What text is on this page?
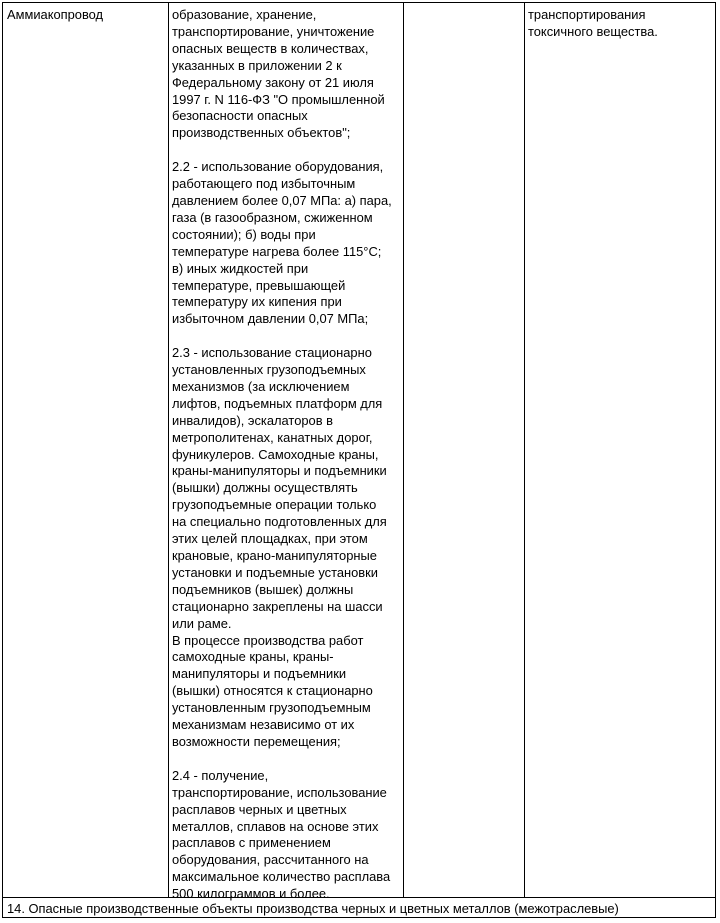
Аммиакопровод	образование, хранение,
транспортирование, уничтожение
опасных веществ в количествах,
указанных в приложении 2 к
Федеральному закону от 21 июля
1997 г. N 116-ФЗ "О промышленной
безопасности опасных
производственных объектов";

2.2 - использование оборудования,
работающего под избыточным
давлением более 0,07 МПа: а) пара,
газа (в газообразном, сжиженном
состоянии); б) воды при
температуре нагрева более 115°С;
в) иных жидкостей при
температуре, превышающей
температуру их кипения при
избыточном давлении 0,07 МПа;

2.3 - использование стационарно
установленных грузоподъемных
механизмов (за исключением
лифтов, подъемных платформ для
инвалидов), эскалаторов в
метрополитенах, канатных дорог,
фуникулеров. Самоходные краны,
краны-манипуляторы и подъемники
(вышки) должны осуществлять
грузоподъемные операции только
на специально подготовленных для
этих целей площадках, при этом
крановые, крано-манипуляторные
установки и подъемные установки
подъемников (вышек) должны
стационарно закреплены на шасси
или раме.
В процессе производства работ
самоходные краны, краны-
манипуляторы и подъемники
(вышки) относятся к стационарно
установленным грузоподъемным
механизмам независимо от их
возможности перемещения;

2.4 - получение,
транспортирование, использование
расплавов черных и цветных
металлов, сплавов на основе этих
расплавов с применением
оборудования, рассчитанного на
максимальное количество расплава
500 килограммов и более.
транспортирования
токсичного вещества.
14. Опасные производственные объекты производства черных и цветных металлов (межотраслевые)
